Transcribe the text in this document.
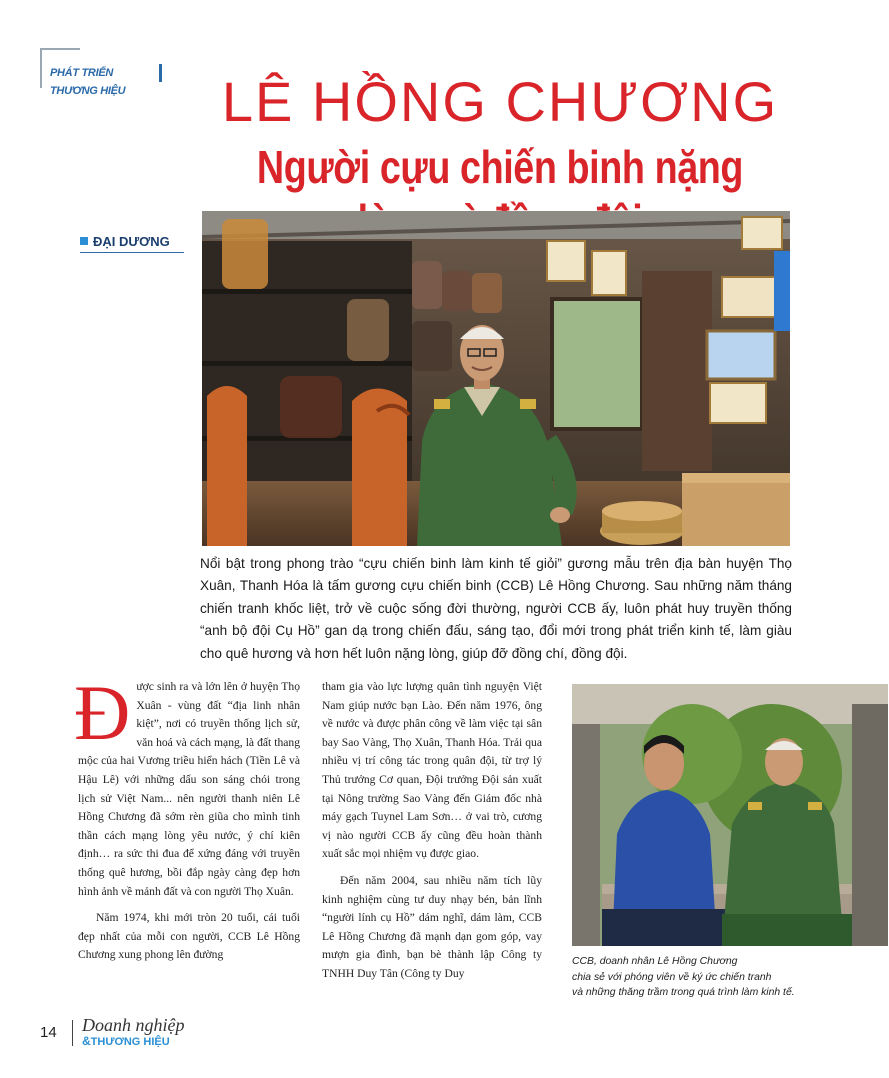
PHÁT TRIỂN THƯƠNG HIỆU	LÊ HỒNG CHƯƠNG
Người cựu chiến binh nặng
ĐẠI DƯƠNG
Nổi bật trong phong trào “cựu chiến binh làm kinh tế giỏi” gương mẫu trên địa bàn huyện Thọ Xuân, Thanh Hóa là tấm gương cựu chiến binh (CCB) Lê Hồng Chương. Sau những năm tháng chiến tranh khốc liệt, trở về cuộc sống đời thường, người CCB ấy, luôn phát huy truyền thống “anh bộ đội Cụ Hồ” gan dạ trong chiến đấu, sáng tạo, đổi mới trong phát triển kinh tế, làm giàu cho quê hương và hơn hết luôn nặng lòng, giúp đỡ đồng chí, đồng đội.

Được sinh ra và lớn lên ở huyện Thọ Xuân - vùng đất “địa linh nhân kiệt”, nơi có truyền thống lịch sử, văn hoá và cách mạng, là đất thang mộc của hai Vương triều hiển hách (Tiền Lê và Hậu Lê) với những dấu son sáng chói trong lịch sử Việt Nam... nên người thanh niên Lê Hồng Chương đã sớm rèn giũa cho mình tinh thần cách mạng lòng yêu nước, ý chí kiên định… ra sức thi đua để xứng đáng với truyền thống quê hương, bồi đắp ngày càng đẹp hơn hình ảnh về mảnh đất và con người Thọ Xuân.

Năm 1974, khi mới tròn 20 tuổi, cái tuổi đẹp nhất của mỗi con người, CCB Lê Hồng Chương xung phong lên đường

tham gia vào lực lượng quân tình nguyện Việt Nam giúp nước bạn Lào. Đến năm 1976, ông về nước và được phân công về làm việc tại sân bay Sao Vàng, Thọ Xuân, Thanh Hóa. Trải qua nhiều vị trí công tác trong quân đội, từ trợ lý Thủ trưởng Cơ quan, Đội trưởng Đội sản xuất tại Nông trường Sao Vàng đến Giám đốc nhà máy gạch Tuynel Lam Sơn… ở vai trò, cương vị nào người CCB ấy cũng đều hoàn thành xuất sắc mọi nhiệm vụ được giao.

Đến năm 2004, sau nhiều năm tích lũy kinh nghiệm cùng tư duy nhạy bén, bản lĩnh “người lính cụ Hồ” dám nghĩ, dám làm, CCB Lê Hồng Chương đã mạnh dạn gom góp, vay mượn gia đình, bạn bè thành lập Công ty TNHH Duy Tân (Công ty Duy

CCB, doanh nhân Lê Hồng Chương
chia sẻ với phóng viên về ký ức chiến tranh
và những thăng trầm trong quá trình làm kinh tế.
14 Doanh nghiệp
&THƯƠNG HIỆU
